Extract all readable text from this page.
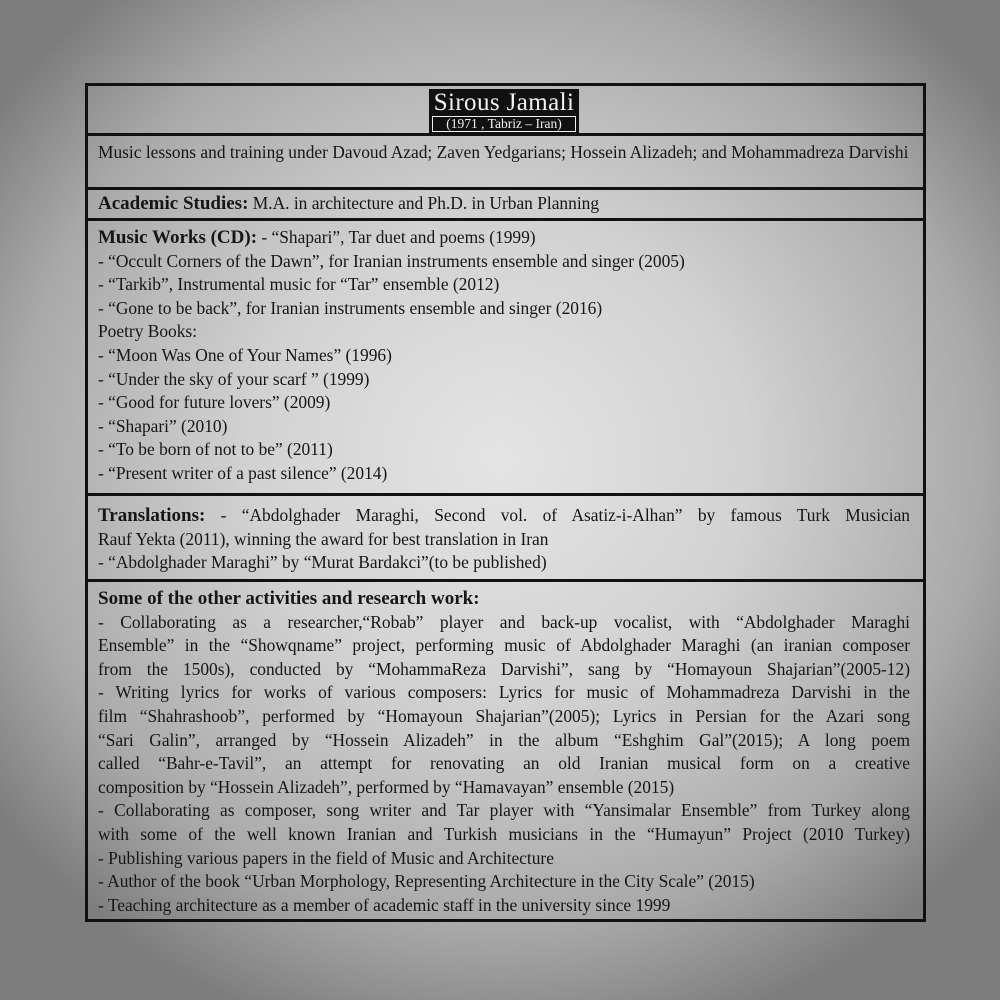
Sirous Jamali
(1971 , Tabriz – Iran)
Music lessons and training under Davoud Azad; Zaven Yedgarians; Hossein Alizadeh; and Mohammadreza Darvishi
Academic Studies: M.A. in architecture and Ph.D. in Urban Planning
Music Works (CD): - “Shapari”, Tar duet and poems (1999)
- “Occult Corners of the Dawn”, for Iranian instruments ensemble and singer (2005)
- “Tarkib”, Instrumental music for “Tar” ensemble (2012)
- “Gone to be back”, for Iranian instruments ensemble and singer (2016)
Poetry Books:
- “Moon Was One of Your Names” (1996)
- “Under the sky of your scarf ” (1999)
- “Good for future lovers” (2009)
- “Shapari” (2010)
- “To be born of not to be” (2011)
- “Present writer of a past silence” (2014)
Translations: - “Abdolghader Maraghi, Second vol. of Asatiz-i-Alhan” by famous Turk Musician
Rauf Yekta (2011), winning the award for best translation in Iran
- “Abdolghader Maraghi” by “Murat Bardakci”(to be published)
Some of the other activities and research work:
- Collaborating as a researcher,“Robab” player and back-up vocalist, with “Abdolghader Maraghi
Ensemble” in the “Showqname” project, performing music of Abdolghader Maraghi (an iranian composer
from the 1500s), conducted by “MohammaReza Darvishi”, sang by “Homayoun Shajarian”(2005-12)
- Writing lyrics for works of various composers: Lyrics for music of Mohammadreza Darvishi in the
film “Shahrashoob”, performed by “Homayoun Shajarian”(2005); Lyrics in Persian for the Azari song
“Sari Galin”, arranged by “Hossein Alizadeh” in the album “Eshghim Gal”(2015); A long poem
called “Bahr-e-Tavil”, an attempt for renovating an old Iranian musical form on a creative
composition by “Hossein Alizadeh”, performed by “Hamavayan” ensemble (2015)
- Collaborating as composer, song writer and Tar player with “Yansimalar Ensemble” from Turkey along
with some of the well known Iranian and Turkish musicians in the “Humayun” Project (2010 Turkey)
- Publishing various papers in the field of Music and Architecture
- Author of the book “Urban Morphology, Representing Architecture in the City Scale” (2015)
- Teaching architecture as a member of academic staff in the university since 1999
